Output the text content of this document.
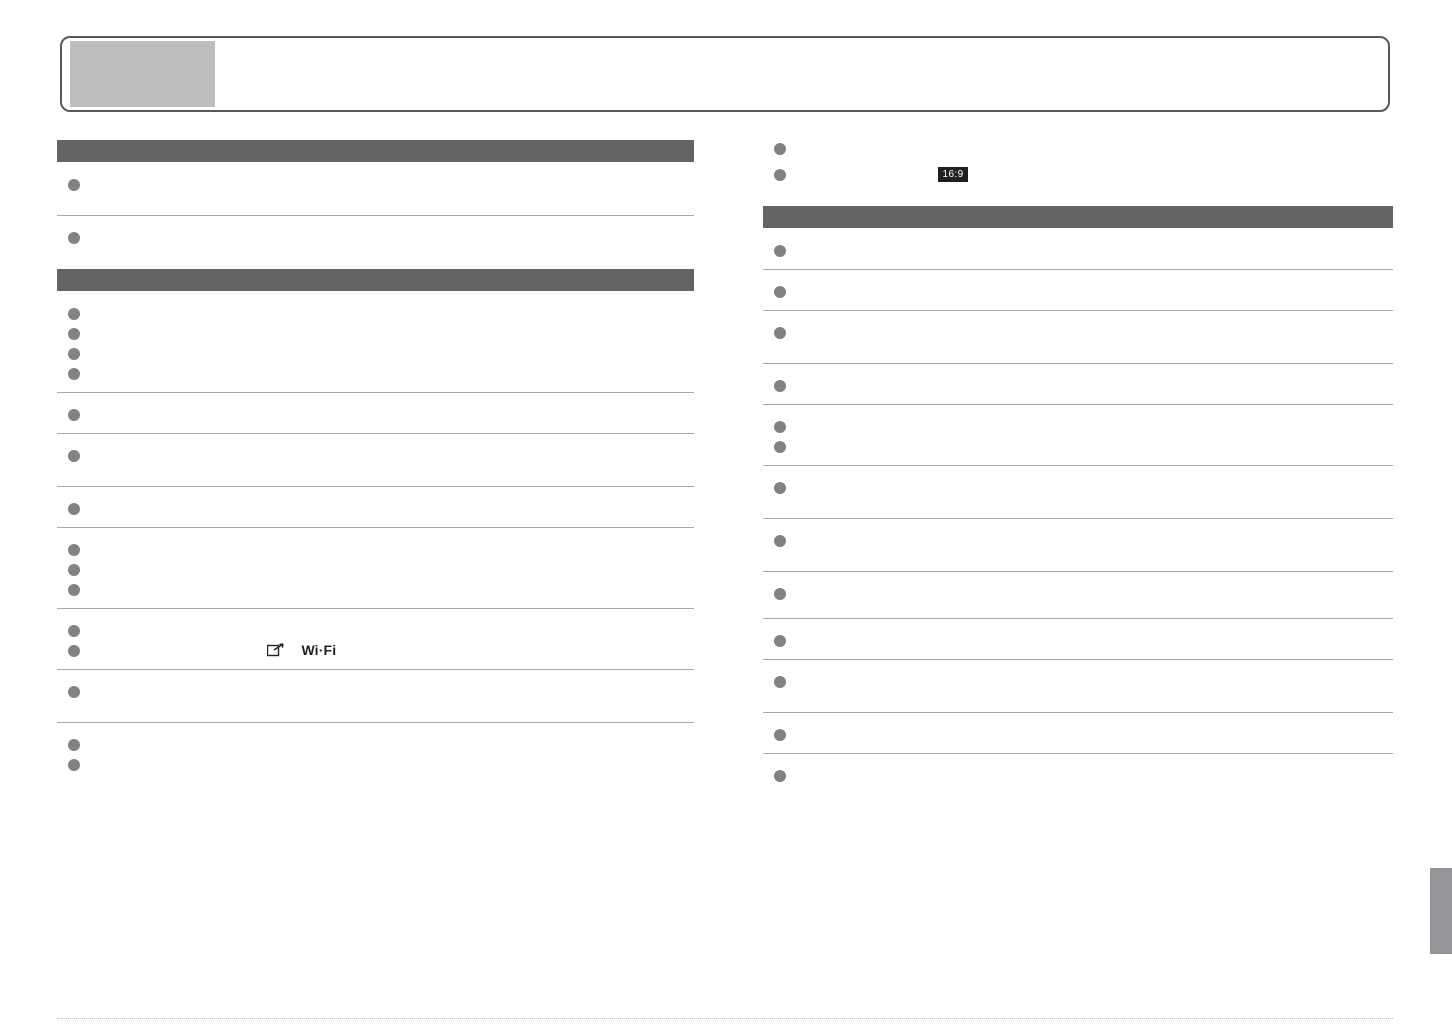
Wi·Fi
16:9
